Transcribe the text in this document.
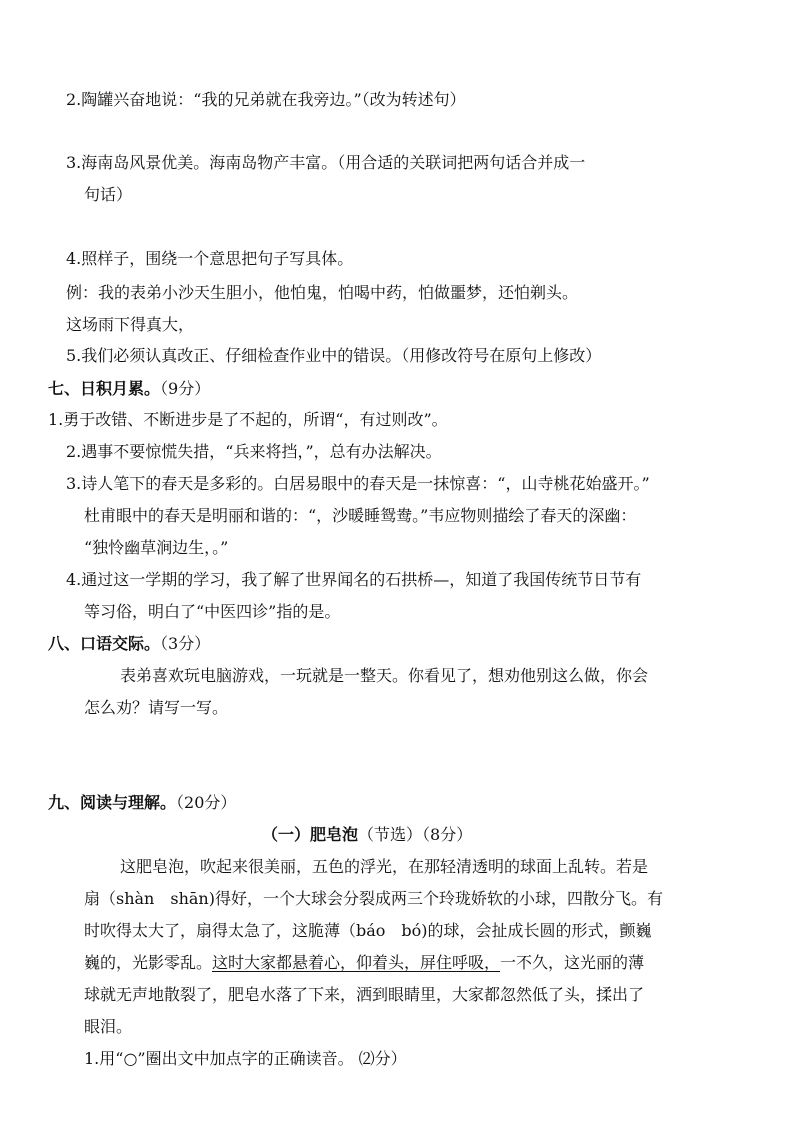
2.陶罐兴奋地说：“我的兄弟就在我旁边。”（改为转述句）
3.海南岛风景优美。海南岛物产丰富。（用合适的关联词把两句话合并成一
句话）
4.照样子，围绕一个意思把句子写具体。
例：我的表弟小沙天生胆小，他怕鬼，怕喝中药，怕做噩梦，还怕剃头。
这场雨下得真大，
5.我们必须认真改正、仔细检查作业中的错误。（用修改符号在原句上修改）
七、日积月累。（9分）
1.勇于改错、不断进步是了不起的，所谓“，有过则改”。
2.遇事不要惊慌失措，“兵来将挡，”，总有办法解决。
3.诗人笔下的春天是多彩的。白居易眼中的春天是一抹惊喜：“，山寺桃花始盛开。”
杜甫眼中的春天是明丽和谐的：“，沙暖睡鸳鸯。”韦应物则描绘了春天的深幽：
“独怜幽草涧边生，。”
4.通过这一学期的学习，我了解了世界闻名的石拱桥—，知道了我国传统节日节有
等习俗，明白了“中医四诊”指的是。
八、口语交际。（3分）
表弟喜欢玩电脑游戏，一玩就是一整天。你看见了，想劝他别这么做，你会
怎么劝？请写一写。
九、阅读与理解。（20分）
（一）肥皂泡（节选）（8分）
这肥皂泡，吹起来很美丽，五色的浮光，在那轻清透明的球面上乱转。若是
扇（shàn　shān)得好，一个大球会分裂成两三个玲珑娇软的小球，四散分飞。有
时吹得太大了，扇得太急了，这脆薄（báo　bó)的球，会扯成长圆的形式，颤巍
巍的，光影零乱。这时大家都悬着心，仰着头，屏住呼吸，一不久，这光丽的薄
球就无声地散裂了，肥皂水落了下来，洒到眼睛里，大家都忽然低了头，揉出了
眼泪。
1.用“○”圈出文中加点字的正确读音。 ⑵分）
